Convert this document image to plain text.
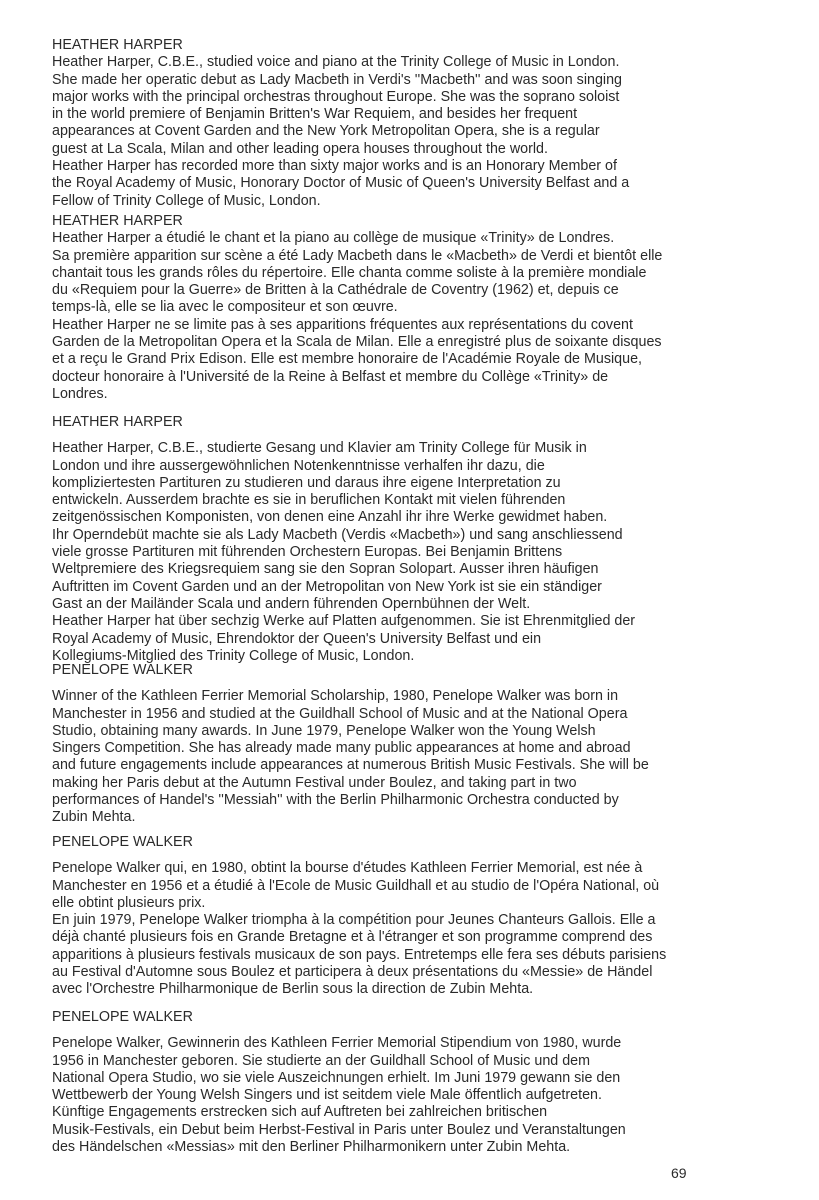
HEATHER HARPER

Heather Harper, C.B.E., studied voice and piano at the Trinity College of Music in London.
She made her operatic debut as Lady Macbeth in Verdi's ''Macbeth'' and was soon singing
major works with the principal orchestras throughout Europe. She was the soprano soloist
in the world premiere of Benjamin Britten's War Requiem, and besides her frequent
appearances at Covent Garden and the New York Metropolitan Opera, she is a regular
guest at La Scala, Milan and other leading opera houses throughout the world.

Heather Harper has recorded more than sixty major works and is an Honorary Member of
the Royal Academy of Music, Honorary Doctor of Music of Queen's University Belfast and a
Fellow of Trinity College of Music, London.

HEATHER HARPER

Heather Harper a étudié le chant et la piano au collège de musique «Trinity» de Londres.
Sa première apparition sur scène a été Lady Macbeth dans le «Macbeth» de Verdi et bientôt elle
chantait tous les grands rôles du répertoire. Elle chanta comme soliste à la première mondiale
du «Requiem pour la Guerre» de Britten à la Cathédrale de Coventry (1962) et, depuis ce
temps-là, elle se lia avec le compositeur et son œuvre.

Heather Harper ne se limite pas à ses apparitions fréquentes aux représentations du covent
Garden de la Metropolitan Opera et la Scala de Milan. Elle a enregistré plus de soixante disques
et a reçu le Grand Prix Edison. Elle est membre honoraire de l'Académie Royale de Musique,
docteur honoraire à l'Université de la Reine à Belfast et membre du Collège «Trinity» de
Londres.

HEATHER HARPER

Heather Harper, C.B.E., studierte Gesang und Klavier am Trinity College für Musik in
London und ihre aussergewöhnlichen Notenkenntnisse verhalfen ihr dazu, die
kompliziertesten Partituren zu studieren und daraus ihre eigene Interpretation zu
entwickeln. Ausserdem brachte es sie in beruflichen Kontakt mit vielen führenden
zeitgenössischen Komponisten, von denen eine Anzahl ihr ihre Werke gewidmet haben.

Ihr Operndebüt machte sie als Lady Macbeth (Verdis «Macbeth») und sang anschliessend
viele grosse Partituren mit führenden Orchestern Europas. Bei Benjamin Brittens
Weltpremiere des Kriegsrequiem sang sie den Sopran Solopart. Ausser ihren häufigen
Auftritten im Covent Garden und an der Metropolitan von New York ist sie ein ständiger
Gast an der Mailänder Scala und andern führenden Opernbühnen der Welt.

Heather Harper hat über sechzig Werke auf Platten aufgenommen. Sie ist Ehrenmitglied der
Royal Academy of Music, Ehrendoktor der Queen's University Belfast und ein
Kollegiums-Mitglied des Trinity College of Music, London.

PENELOPE WALKER

Winner of the Kathleen Ferrier Memorial Scholarship, 1980, Penelope Walker was born in
Manchester in 1956 and studied at the Guildhall School of Music and at the National Opera
Studio, obtaining many awards. In June 1979, Penelope Walker won the Young Welsh
Singers Competition. She has already made many public appearances at home and abroad
and future engagements include appearances at numerous British Music Festivals. She will be
making her Paris debut at the Autumn Festival under Boulez, and taking part in two
performances of Handel's ''Messiah'' with the Berlin Philharmonic Orchestra conducted by
Zubin Mehta.

PENELOPE WALKER

Penelope Walker qui, en 1980, obtint la bourse d'études Kathleen Ferrier Memorial, est née à
Manchester en 1956 et a étudié à l'Ecole de Music Guildhall et au studio de l'Opéra National, où
elle obtint plusieurs prix.

En juin 1979, Penelope Walker triompha à la compétition pour Jeunes Chanteurs Gallois. Elle a
déjà chanté plusieurs fois en Grande Bretagne et à l'étranger et son programme comprend des
apparitions à plusieurs festivals musicaux de son pays. Entretemps elle fera ses débuts parisiens
au Festival d'Automne sous Boulez et participera à deux présentations du «Messie» de Händel
avec l'Orchestre Philharmonique de Berlin sous la direction de Zubin Mehta.

PENELOPE WALKER

Penelope Walker, Gewinnerin des Kathleen Ferrier Memorial Stipendium von 1980, wurde
1956 in Manchester geboren. Sie studierte an der Guildhall School of Music und dem
National Opera Studio, wo sie viele Auszeichnungen erhielt. Im Juni 1979 gewann sie den
Wettbewerb der Young Welsh Singers und ist seitdem viele Male öffentlich aufgetreten.
Künftige Engagements erstrecken sich auf Auftreten bei zahlreichen britischen
Musik-Festivals, ein Debut beim Herbst-Festival in Paris unter Boulez und Veranstaltungen
des Händelschen «Messias» mit den Berliner Philharmonikern unter Zubin Mehta.

69
